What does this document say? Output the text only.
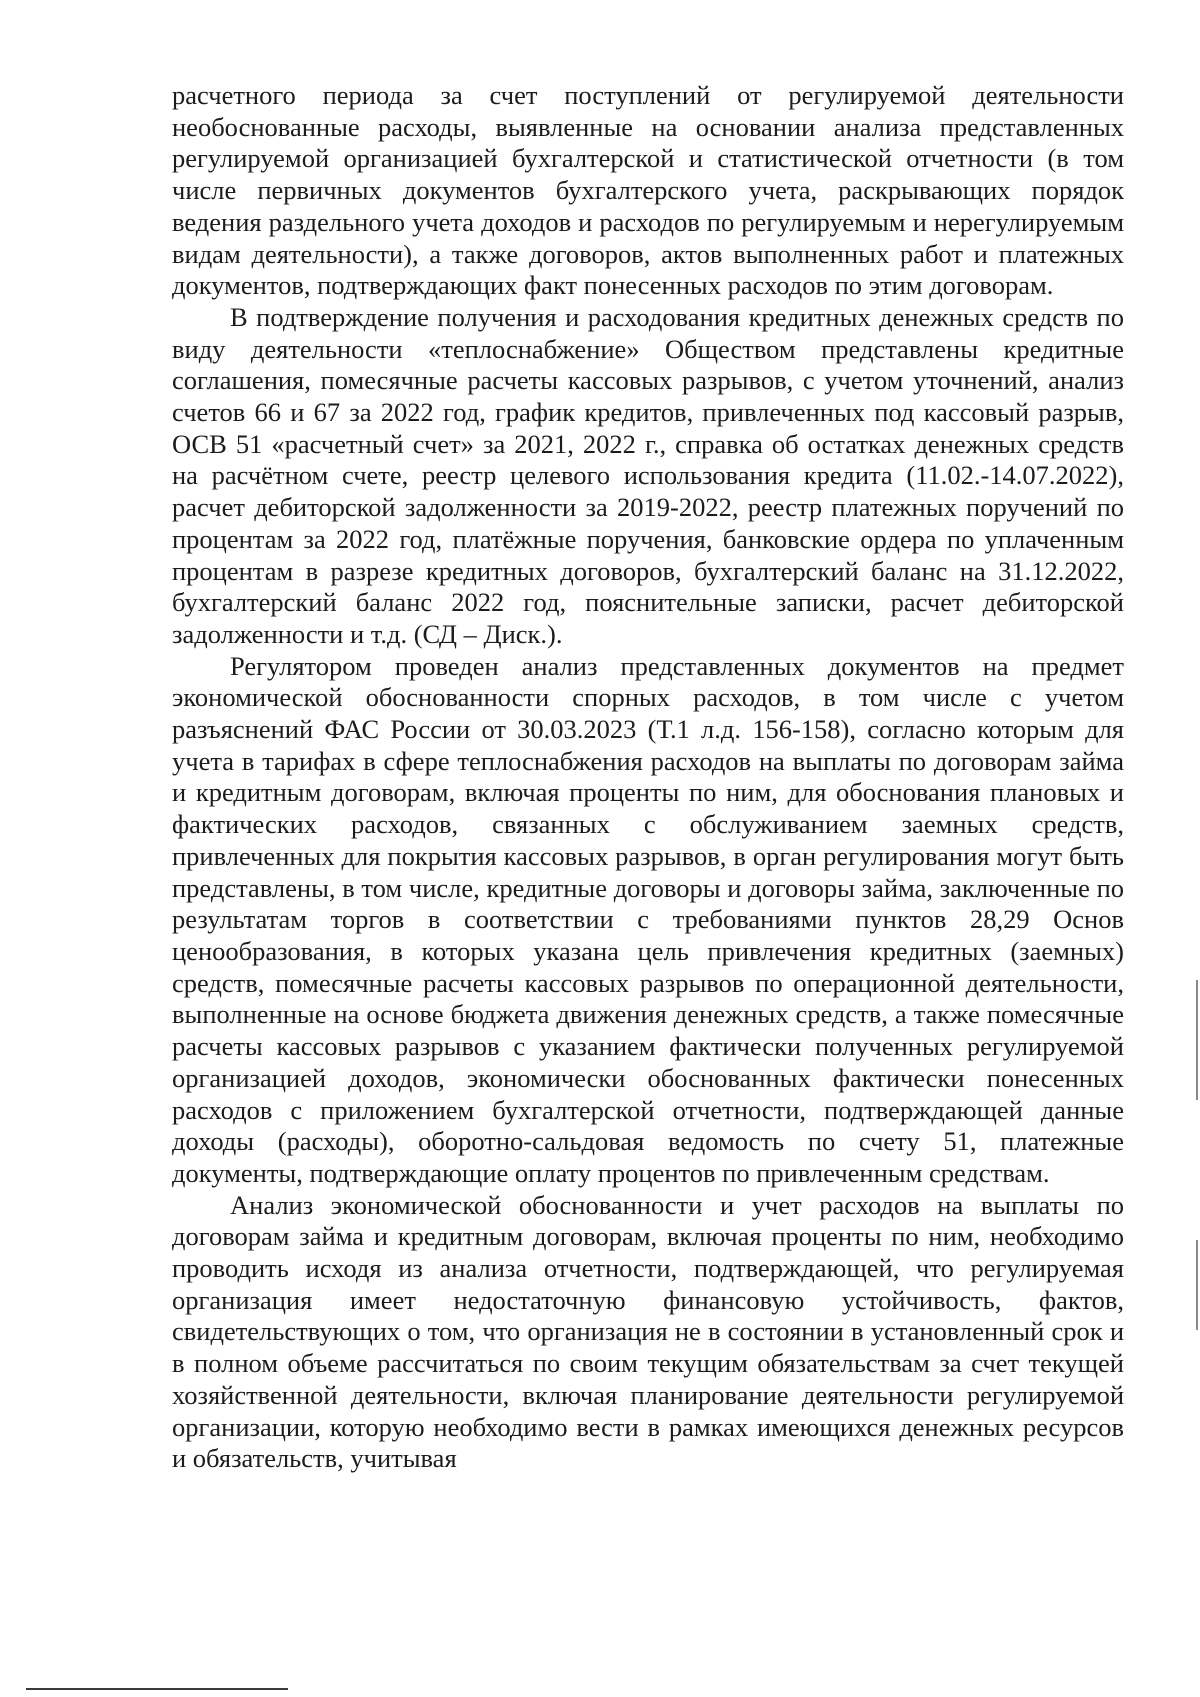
расчетного периода за счет поступлений от регулируемой деятельности необоснованные расходы, выявленные на основании анализа представленных регулируемой организацией бухгалтерской и статистической отчетности (в том числе первичных документов бухгалтерского учета, раскрывающих порядок ведения раздельного учета доходов и расходов по регулируемым и нерегулируемым видам деятельности), а также договоров, актов выполненных работ и платежных документов, подтверждающих факт понесенных расходов по этим договорам.

В подтверждение получения и расходования кредитных денежных средств по виду деятельности «теплоснабжение» Обществом представлены кредитные соглашения, помесячные расчеты кассовых разрывов, с учетом уточнений, анализ счетов 66 и 67 за 2022 год, график кредитов, привлеченных под кассовый разрыв, ОСВ 51 «расчетный счет» за 2021, 2022 г., справка об остатках денежных средств на расчётном счете, реестр целевого использования кредита (11.02.-14.07.2022), расчет дебиторской задолженности за 2019-2022, реестр платежных поручений по процентам за 2022 год, платёжные поручения, банковские ордера по уплаченным процентам в разрезе кредитных договоров, бухгалтерский баланс на 31.12.2022, бухгалтерский баланс 2022 год, пояснительные записки, расчет дебиторской задолженности и т.д. (СД – Диск.).

Регулятором проведен анализ представленных документов на предмет экономической обоснованности спорных расходов, в том числе с учетом разъяснений ФАС России от 30.03.2023 (Т.1 л.д. 156-158), согласно которым для учета в тарифах в сфере теплоснабжения расходов на выплаты по договорам займа и кредитным договорам, включая проценты по ним, для обоснования плановых и фактических расходов, связанных с обслуживанием заемных средств, привлеченных для покрытия кассовых разрывов, в орган регулирования могут быть представлены, в том числе, кредитные договоры и договоры займа, заключенные по результатам торгов в соответствии с требованиями пунктов 28,29 Основ ценообразования, в которых указана цель привлечения кредитных (заемных) средств, помесячные расчеты кассовых разрывов по операционной деятельности, выполненные на основе бюджета движения денежных средств, а также помесячные расчеты кассовых разрывов с указанием фактически полученных регулируемой организацией доходов, экономически обоснованных фактически понесенных расходов с приложением бухгалтерской отчетности, подтверждающей данные доходы (расходы), оборотно-сальдовая ведомость по счету 51, платежные документы, подтверждающие оплату процентов по привлеченным средствам.

Анализ экономической обоснованности и учет расходов на выплаты по договорам займа и кредитным договорам, включая проценты по ним, необходимо проводить исходя из анализа отчетности, подтверждающей, что регулируемая организация имеет недостаточную финансовую устойчивость, фактов, свидетельствующих о том, что организация не в состоянии в установленный срок и в полном объеме рассчитаться по своим текущим обязательствам за счет текущей хозяйственной деятельности, включая планирование деятельности регулируемой организации, которую необходимо вести в рамках имеющихся денежных ресурсов и обязательств, учитывая
